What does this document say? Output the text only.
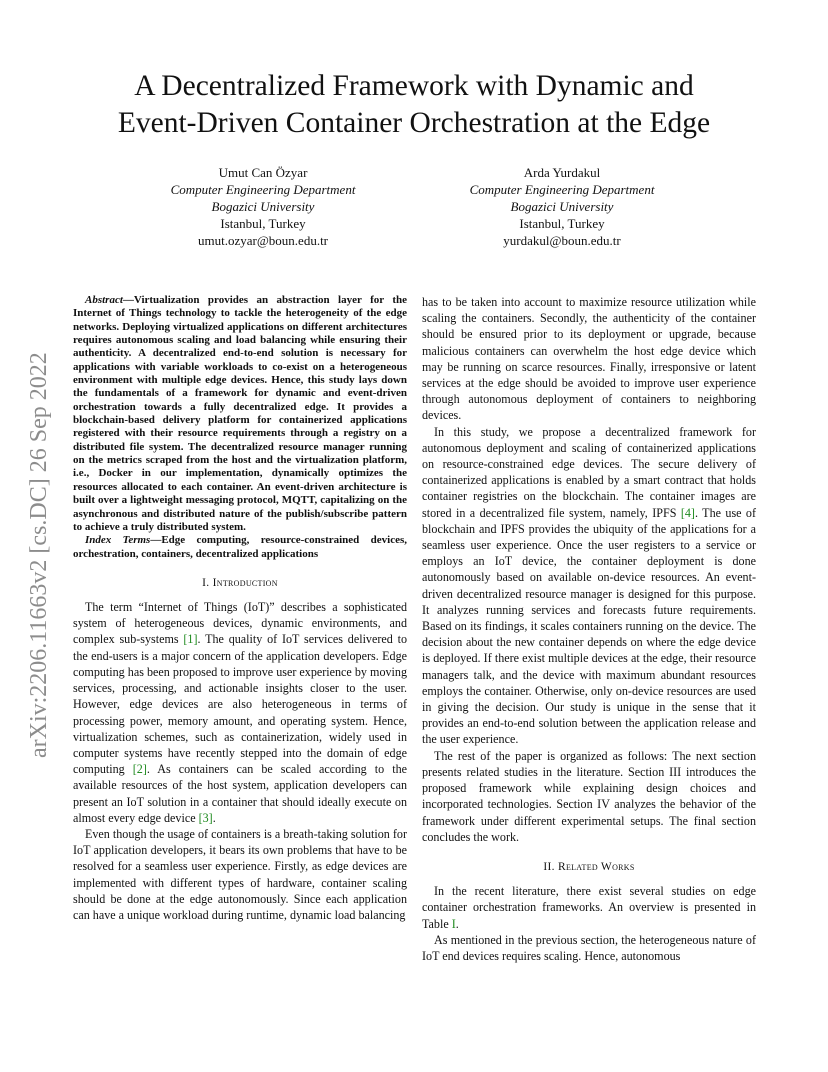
A Decentralized Framework with Dynamic and
Event-Driven Container Orchestration at the Edge
Umut Can Özyar
Computer Engineering Department
Bogazici University
Istanbul, Turkey
umut.ozyar@boun.edu.tr
Arda Yurdakul
Computer Engineering Department
Bogazici University
Istanbul, Turkey
yurdakul@boun.edu.tr
arXiv:2206.11663v2 [cs.DC] 26 Sep 2022

Abstract—Virtualization provides an abstraction layer for the Internet of Things technology to tackle the heterogeneity of the edge networks. Deploying virtualized applications on different architectures requires autonomous scaling and load balancing while ensuring their authenticity. A decentralized end-to-end solution is necessary for applications with variable workloads to co-exist on a heterogeneous environment with multiple edge devices. Hence, this study lays down the fundamentals of a framework for dynamic and event-driven orchestration towards a fully decentralized edge. It provides a blockchain-based delivery platform for containerized applications registered with their resource requirements through a registry on a distributed file system. The decentralized resource manager running on the metrics scraped from the host and the virtualization platform, i.e., Docker in our implementation, dynamically optimizes the resources allocated to each container. An event-driven architecture is built over a lightweight messaging protocol, MQTT, capitalizing on the asynchronous and distributed nature of the publish/subscribe pattern to achieve a truly distributed system.

Index Terms—Edge computing, resource-constrained devices, orchestration, containers, decentralized applications

I. Introduction

The term “Internet of Things (IoT)” describes a sophisticated system of heterogeneous devices, dynamic environments, and complex sub-systems [1]. The quality of IoT services delivered to the end-users is a major concern of the application developers. Edge computing has been proposed to improve user experience by moving services, processing, and actionable insights closer to the user. However, edge devices are also heterogeneous in terms of processing power, memory amount, and operating system. Hence, virtualization schemes, such as containerization, widely used in computer systems have recently stepped into the domain of edge computing [2]. As containers can be scaled according to the available resources of the host system, application developers can present an IoT solution in a container that should ideally execute on almost every edge device [3].

Even though the usage of containers is a breath-taking solution for IoT application developers, it bears its own problems that have to be resolved for a seamless user experience. Firstly, as edge devices are implemented with different types of hardware, container scaling should be done at the edge autonomously. Since each application can have a unique workload during runtime, dynamic load balancing

has to be taken into account to maximize resource utilization while scaling the containers. Secondly, the authenticity of the container should be ensured prior to its deployment or upgrade, because malicious containers can overwhelm the host edge device which may be running on scarce resources. Finally, irresponsive or latent services at the edge should be avoided to improve user experience through autonomous deployment of containers to neighboring devices.

In this study, we propose a decentralized framework for autonomous deployment and scaling of containerized applications on resource-constrained edge devices. The secure delivery of containerized applications is enabled by a smart contract that holds container registries on the blockchain. The container images are stored in a decentralized file system, namely, IPFS [4]. The use of blockchain and IPFS provides the ubiquity of the applications for a seamless user experience. Once the user registers to a service or employs an IoT device, the container deployment is done autonomously based on available on-device resources. An event-driven decentralized resource manager is designed for this purpose. It analyzes running services and forecasts future requirements. Based on its findings, it scales containers running on the device. The decision about the new container depends on where the edge device is deployed. If there exist multiple devices at the edge, their resource managers talk, and the device with maximum abundant resources employs the container. Otherwise, only on-device resources are used in giving the decision. Our study is unique in the sense that it provides an end-to-end solution between the application release and the user experience.

The rest of the paper is organized as follows: The next section presents related studies in the literature. Section III introduces the proposed framework while explaining design choices and incorporated technologies. Section IV analyzes the behavior of the framework under different experimental setups. The final section concludes the work.

II. Related Works

In the recent literature, there exist several studies on edge container orchestration frameworks. An overview is presented in Table I.

As mentioned in the previous section, the heterogeneous nature of IoT end devices requires scaling. Hence, autonomous
